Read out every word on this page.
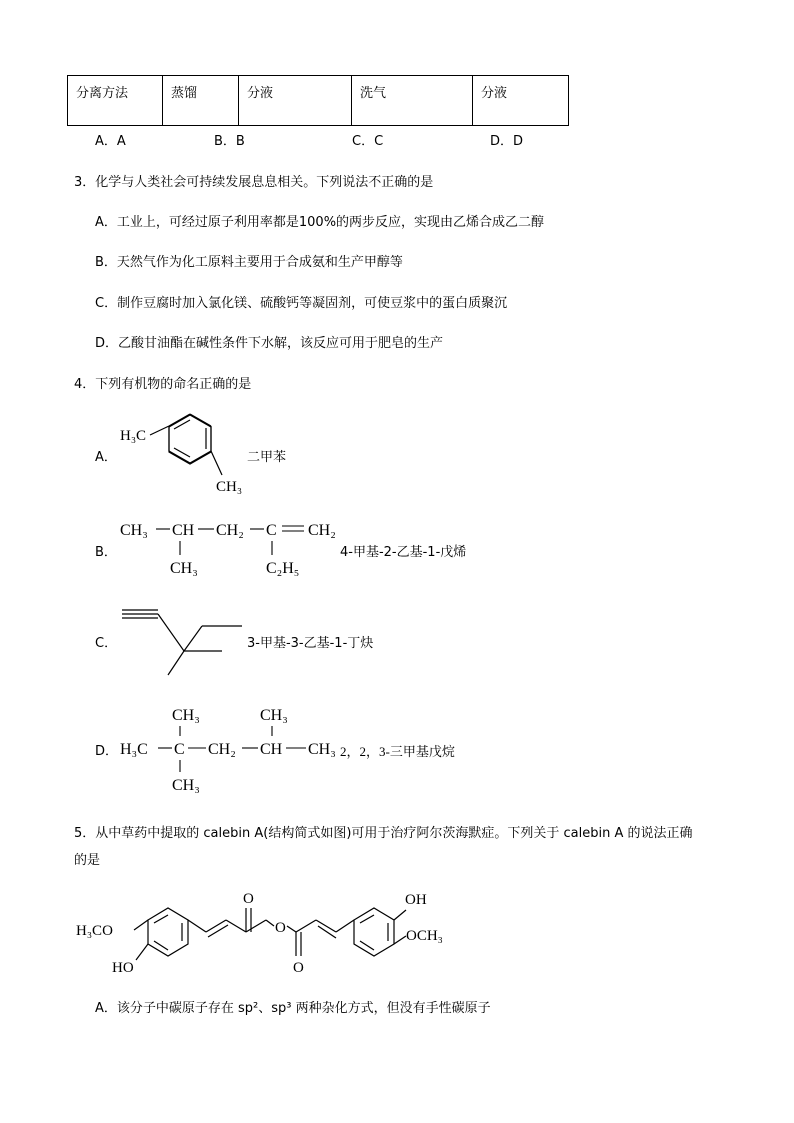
分离方法	蒸馏	分液	洗气	分液
A．A	B．B	C．C	D．D
3．化学与人类社会可持续发展息息相关。下列说法不正确的是
A．工业上，可经过原子利用率都是100%的两步反应，实现由乙烯合成乙二醇
B．天然气作为化工原料主要用于合成氨和生产甲醇等
C．制作豆腐时加入氯化镁、硫酸钙等凝固剂，可使豆浆中的蛋白质聚沉
D．乙酸甘油酯在碱性条件下水解，该反应可用于肥皂的生产
4．下列有机物的命名正确的是
A．
H₃C
CH₃
二甲苯
B．
CH₃ CH CH₂ C CH₂
CH₃	C₂H₅
4-甲基-2-乙基-1-戊烯
C．	3-甲基-3-乙基-1-丁炔
D．
CH₃	CH₃
H₃C C CH₂ CH CH₃
CH₃
2，2，3-三甲基戊烷
5．从中草药中提取的 calebin A(结构简式如图)可用于治疗阿尔茨海默症。下列关于 calebin A 的说法正确
的是
H₃CO
HO
O
O
O
OH
OCH₃
A．该分子中碳原子存在 sp²、sp³ 两种杂化方式，但没有手性碳原子
